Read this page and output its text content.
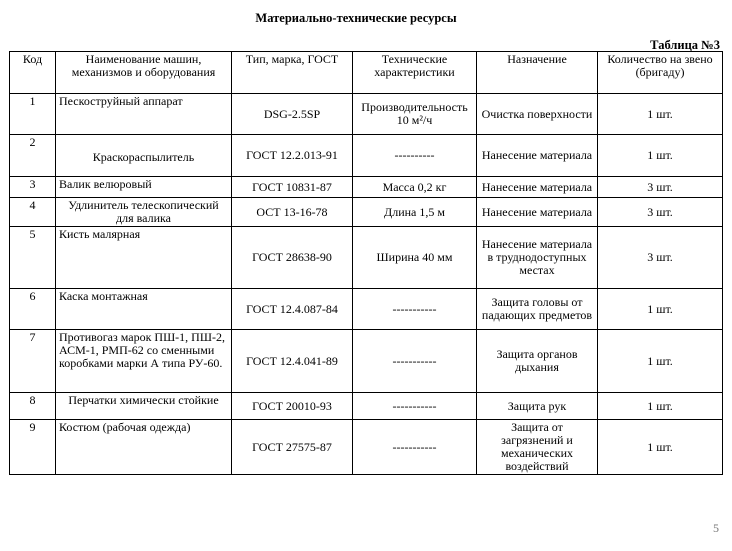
Материально-технические ресурсы
Таблица №3
Код	Наименование машин, механизмов и оборудования	Тип, марка, ГОСТ	Технические характеристики	Назначение	Количество на звено (бригаду)
1	Пескоструйный аппарат	DSG-2.5SP	Производительность 10 м²/ч	Очистка поверхности	1 шт.
2	Краскораспылитель	ГОСТ 12.2.013-91	----------	Нанесение материала	1 шт.
3	Валик велюровый	ГОСТ 10831-87	Масса 0,2 кг	Нанесение материала	3 шт.
4	Удлинитель телескопический для валика	ОСТ 13-16-78	Длина 1,5 м	Нанесение материала	3 шт.
5	Кисть малярная	ГОСТ 28638-90	Ширина 40 мм	Нанесение материала в труднодоступных местах	3 шт.
6	Каска монтажная	ГОСТ 12.4.087-84	-----------	Защита головы от падающих предметов	1 шт.
7	Противогаз марок ПШ-1, ПШ-2, АСМ-1, РМП-62 со сменными коробками марки А типа РУ-60.	ГОСТ 12.4.041-89	-----------	Защита органов дыхания	1 шт.
8	Перчатки химически стойкие	ГОСТ 20010-93	-----------	Защита рук	1 шт.
9	Костюм (рабочая одежда)	ГОСТ 27575-87	-----------	Защита от загрязнений и механических воздействий	1 шт.
5
